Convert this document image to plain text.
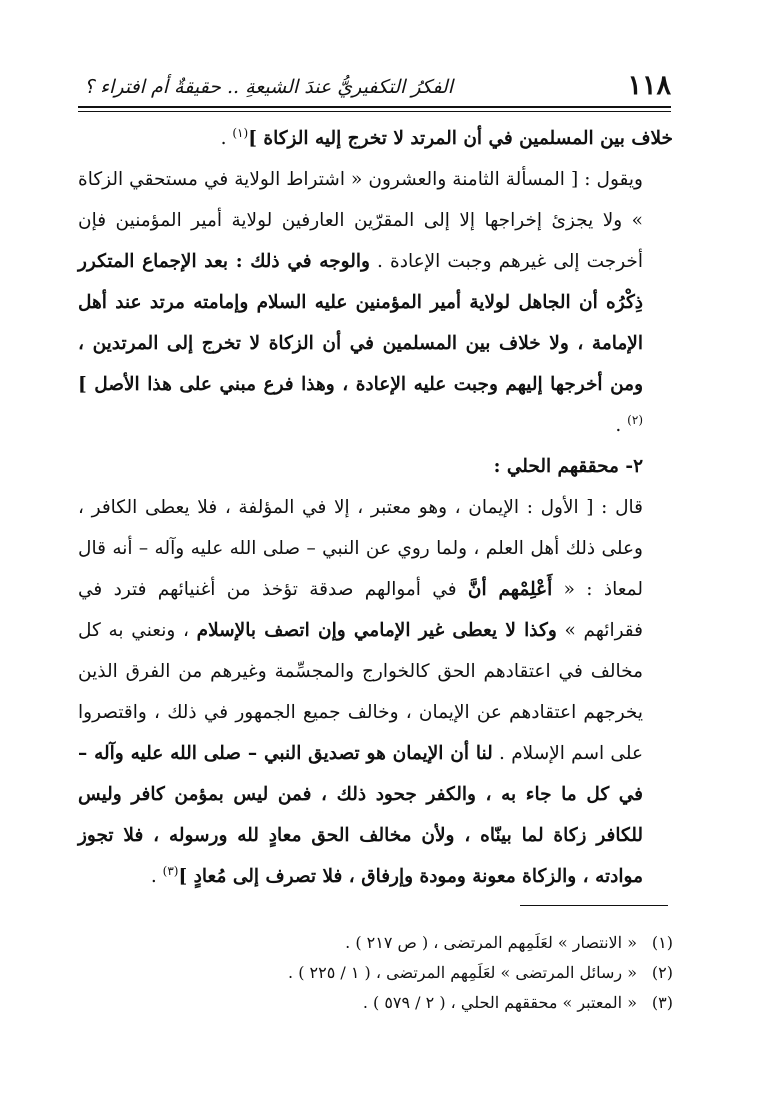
١١٨
الفكرُ التكفيريُّ عندَ الشيعةِ .. حقيقةٌ أم افتراء ؟

خلاف بين المسلمين في أن المرتد لا تخرج إليه الزكاة ]$^{(١)}$ .

ويقول : [ المسألة الثامنة والعشرون « اشتراط الولاية في مستحقي الزكاة » ولا يجزئ إخراجها إلا إلى المقرّين العارفين لولاية أمير المؤمنين فإن أخرجت إلى غيرهم وجبت الإعادة . والوجه في ذلك : بعد الإجماع المتكرر ذِكْرُه أن الجاهل لولاية أمير المؤمنين عليه السلام وإمامته مرتد عند أهل الإمامة ، ولا خلاف بين المسلمين في أن الزكاة لا تخرج إلى المرتدين ، ومن أخرجها إليهم وجبت عليه الإعادة ، وهذا فرع مبني على هذا الأصل ]$^{(٢)}$ .

٢- محققهم الحلي :

قال : [ الأول : الإيمان ، وهو معتبر ، إلا في المؤلفة ، فلا يعطى الكافر ، وعلى ذلك أهل العلم ، ولما روي عن النبي – صلى الله عليه وآله – أنه قال لمعاذ : « أَعْلِمْهم أنَّ في أموالهم صدقة تؤخذ من أغنيائهم فترد في فقرائهم » وكذا لا يعطى غير الإمامي وإن اتصف بالإسلام ، ونعني به كل مخالف في اعتقادهم الحق كالخوارج والمجسِّمة وغيرهم من الفرق الذين يخرجهم اعتقادهم عن الإيمان ، وخالف جميع الجمهور في ذلك ، واقتصروا على اسم الإسلام . لنا أن الإيمان هو تصديق النبي – صلى الله عليه وآله – في كل ما جاء به ، والكفر جحود ذلك ، فمن ليس بمؤمن كافر وليس للكافر زكاة لما بينّاه ، ولأن مخالف الحق معادٍ لله ورسوله ، فلا تجوز موادته ، والزكاة معونة ومودة وإرفاق ، فلا تصرف إلى مُعادٍ ]$^{(٣)}$ .

(١)
« الانتصار » لعَلَمِهم المرتضى ، ( ص ٢١٧ ) .
(٢)
« رسائل المرتضى » لعَلَمِهم المرتضى ، ( ١ / ٢٢٥ ) .
(٣)
« المعتبر » محققهم الحلي ، ( ٢ / ٥٧٩ ) .
